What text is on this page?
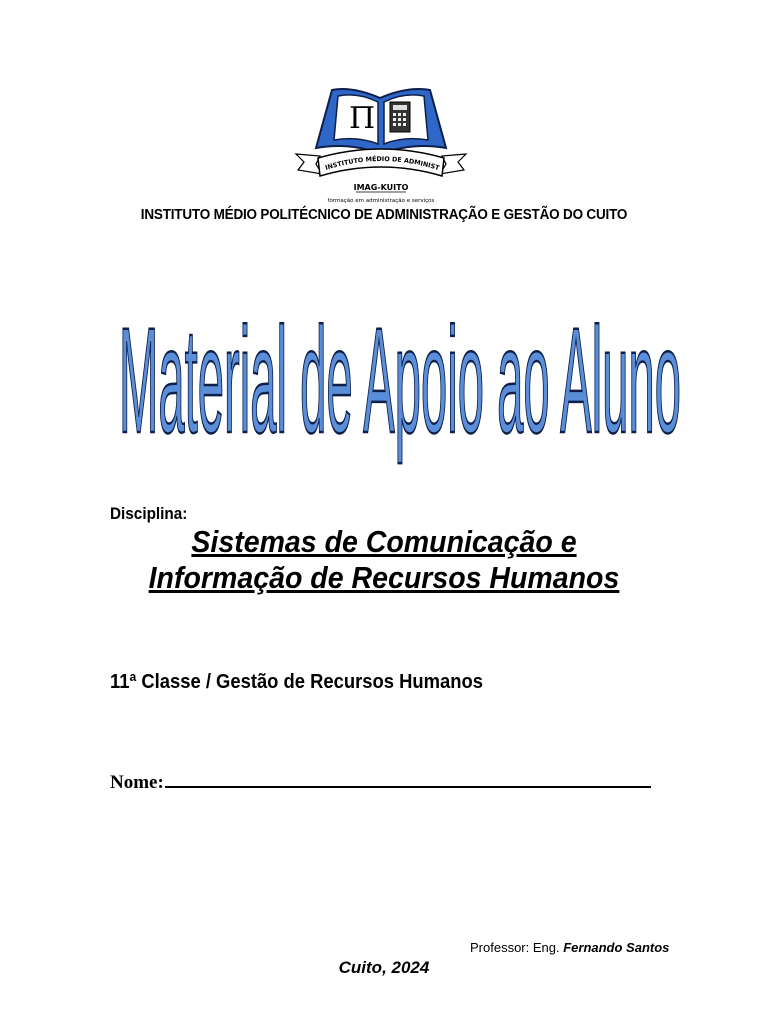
Π
INSTITUTO MÉDIO DE ADMINIST
IMAG-KUITO
formação em administração e serviços
INSTITUTO MÉDIO POLITÉCNICO DE ADMINISTRAÇÃO E GESTÃO DO CUITO
Material de Apoio ao Aluno
Disciplina:
Sistemas de Comunicação e
Informação de Recursos Humanos
11ª Classe / Gestão de Recursos Humanos
Nome:
Professor: Eng. Fernando Santos
Cuito, 2024
